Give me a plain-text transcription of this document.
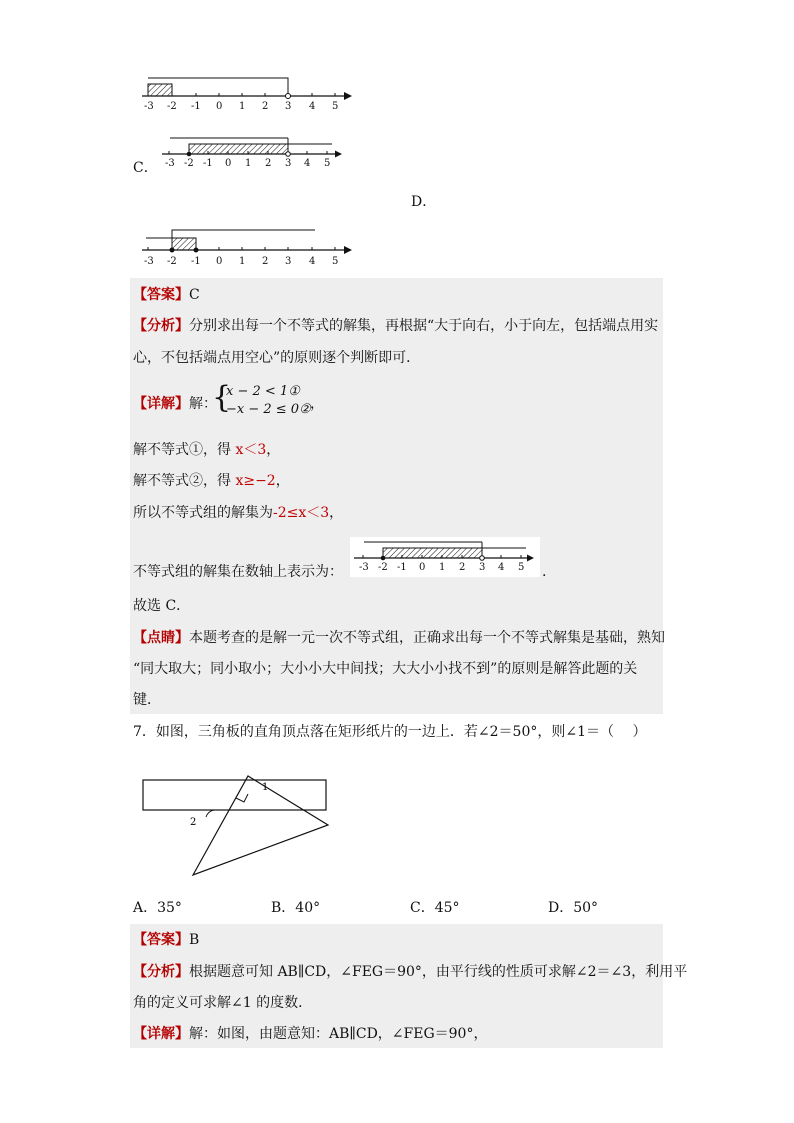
-3 -2 -1 0 1 2 3 4 5
C． -3 -2 -1 0 1 2 3 4 5
D．
-3 -2 -1 0 1 2 3 4 5
【答案】C
【分析】分别求出每一个不等式的解集，再根据“大于向右，小于向左，包括端点用实
心，不包括端点用空心”的原则逐个判断即可．
【详解】解：
{
x − 2 < 1①
−x − 2 ≤ 0② ，
解不等式①，得 x＜3，
解不等式②，得 x≥−2，
所以不等式组的解集为-2≤x＜3，
不等式组的解集在数轴上表示为： -3 -2 -1 0 1 2 3 4 5 .
故选 C．
【点睛】本题考查的是解一元一次不等式组，正确求出每一个不等式解集是基础，熟知
“同大取大；同小取小；大小小大中间找；大大小小找不到”的原则是解答此题的关
键．
7．如图，三角板的直角顶点落在矩形纸片的一边上．若∠2＝50°，则∠1＝（　 ）
1
2
A．35°	B．40°	C．45°	D．50°
【答案】B
【分析】根据题意可知 AB∥CD，∠FEG＝90°，由平行线的性质可求解∠2＝∠3，利用平
角的定义可求解∠1 的度数．
【详解】解：如图，由题意知：AB∥CD，∠FEG＝90°，
